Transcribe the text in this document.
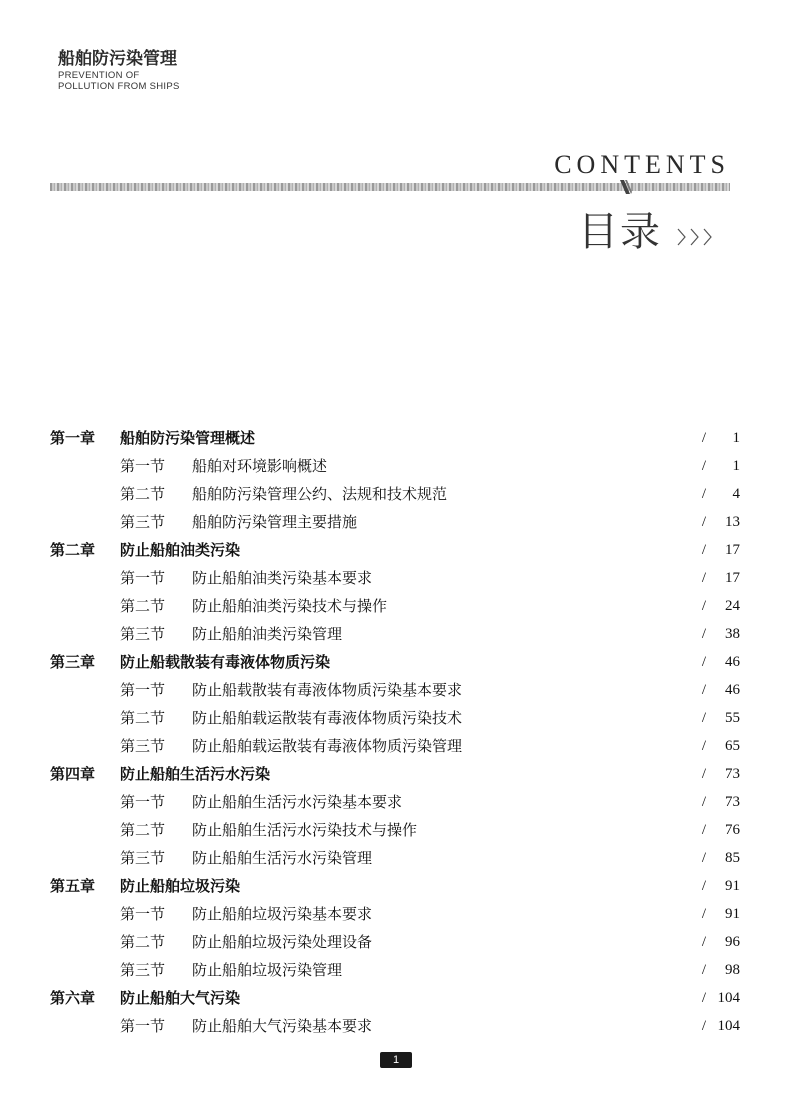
船舶防污染管理
PREVENTION OF
POLLUTION FROM SHIPS
CONTENTS
目录
第一章 船舶防污染管理概述	/	1
第一节 船舶对环境影响概述	/	1
第二节 船舶防污染管理公约、法规和技术规范	/	4
第三节 船舶防污染管理主要措施	/	13
第二章 防止船舶油类污染	/	17
第一节 防止船舶油类污染基本要求	/	17
第二节 防止船舶油类污染技术与操作	/	24
第三节 防止船舶油类污染管理	/	38
第三章 防止船载散装有毒液体物质污染	/	46
第一节 防止船载散装有毒液体物质污染基本要求	/	46
第二节 防止船舶载运散装有毒液体物质污染技术	/	55
第三节 防止船舶载运散装有毒液体物质污染管理	/	65
第四章 防止船舶生活污水污染	/	73
第一节 防止船舶生活污水污染基本要求	/	73
第二节 防止船舶生活污水污染技术与操作	/	76
第三节 防止船舶生活污水污染管理	/	85
第五章 防止船舶垃圾污染	/	91
第一节 防止船舶垃圾污染基本要求	/	91
第二节 防止船舶垃圾污染处理设备	/	96
第三节 防止船舶垃圾污染管理	/	98
第六章 防止船舶大气污染	/ 104
第一节 防止船舶大气污染基本要求	/ 104
1
